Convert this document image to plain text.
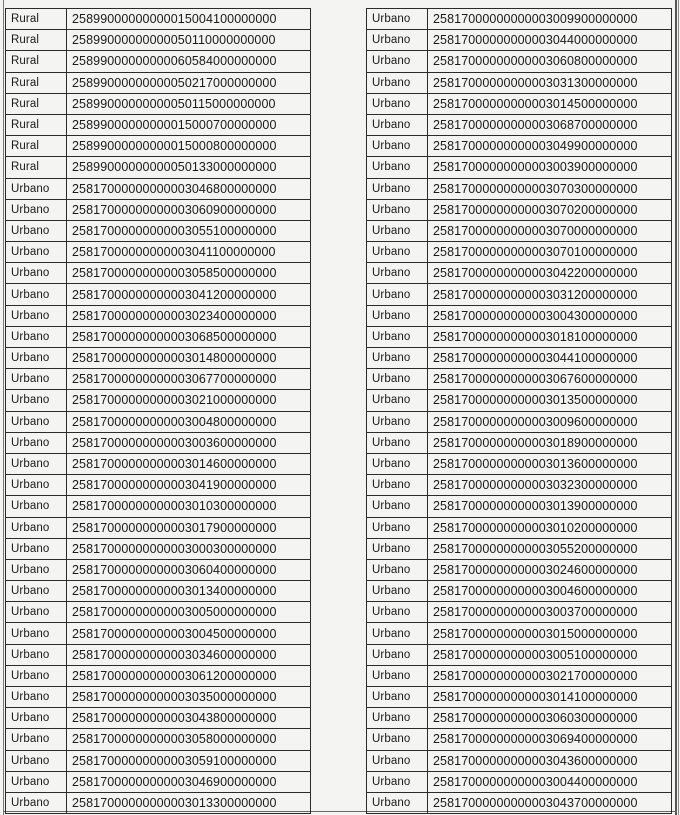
Rural	25899000000000015004100000000
Rural	25899000000000050110000000000
Rural	25899000000000060584000000000
Rural	25899000000000050217000000000
Rural	25899000000000050115000000000
Rural	25899000000000015000700000000
Rural	25899000000000015000800000000
Rural	25899000000000050133000000000
Urbano	25817000000000003046800000000
Urbano	25817000000000003060900000000
Urbano	25817000000000003055100000000
Urbano	25817000000000003041100000000
Urbano	25817000000000003058500000000
Urbano	25817000000000003041200000000
Urbano	25817000000000003023400000000
Urbano	25817000000000003068500000000
Urbano	25817000000000003014800000000
Urbano	25817000000000003067700000000
Urbano	25817000000000003021000000000
Urbano	25817000000000003004800000000
Urbano	25817000000000003003600000000
Urbano	25817000000000003014600000000
Urbano	25817000000000003041900000000
Urbano	25817000000000003010300000000
Urbano	25817000000000003017900000000
Urbano	25817000000000003000300000000
Urbano	25817000000000003060400000000
Urbano	25817000000000003013400000000
Urbano	25817000000000003005000000000
Urbano	25817000000000003004500000000
Urbano	25817000000000003034600000000
Urbano	25817000000000003061200000000
Urbano	25817000000000003035000000000
Urbano	25817000000000003043800000000
Urbano	25817000000000003058000000000
Urbano	25817000000000003059100000000
Urbano	25817000000000003046900000000
Urbano	25817000000000003013300000000
Urbano	25817000000000003009900000000
Urbano	25817000000000003044000000000
Urbano	25817000000000003060800000000
Urbano	25817000000000003031300000000
Urbano	25817000000000003014500000000
Urbano	25817000000000003068700000000
Urbano	25817000000000003049900000000
Urbano	25817000000000003003900000000
Urbano	25817000000000003070300000000
Urbano	25817000000000003070200000000
Urbano	25817000000000003070000000000
Urbano	25817000000000003070100000000
Urbano	25817000000000003042200000000
Urbano	25817000000000003031200000000
Urbano	25817000000000003004300000000
Urbano	25817000000000003018100000000
Urbano	25817000000000003044100000000
Urbano	25817000000000003067600000000
Urbano	25817000000000003013500000000
Urbano	25817000000000003009600000000
Urbano	25817000000000003018900000000
Urbano	25817000000000003013600000000
Urbano	25817000000000003032300000000
Urbano	25817000000000003013900000000
Urbano	25817000000000003010200000000
Urbano	25817000000000003055200000000
Urbano	25817000000000003024600000000
Urbano	25817000000000003004600000000
Urbano	25817000000000003003700000000
Urbano	25817000000000003015000000000
Urbano	25817000000000003005100000000
Urbano	25817000000000003021700000000
Urbano	25817000000000003014100000000
Urbano	25817000000000003060300000000
Urbano	25817000000000003069400000000
Urbano	25817000000000003043600000000
Urbano	25817000000000003004400000000
Urbano	25817000000000003043700000000
